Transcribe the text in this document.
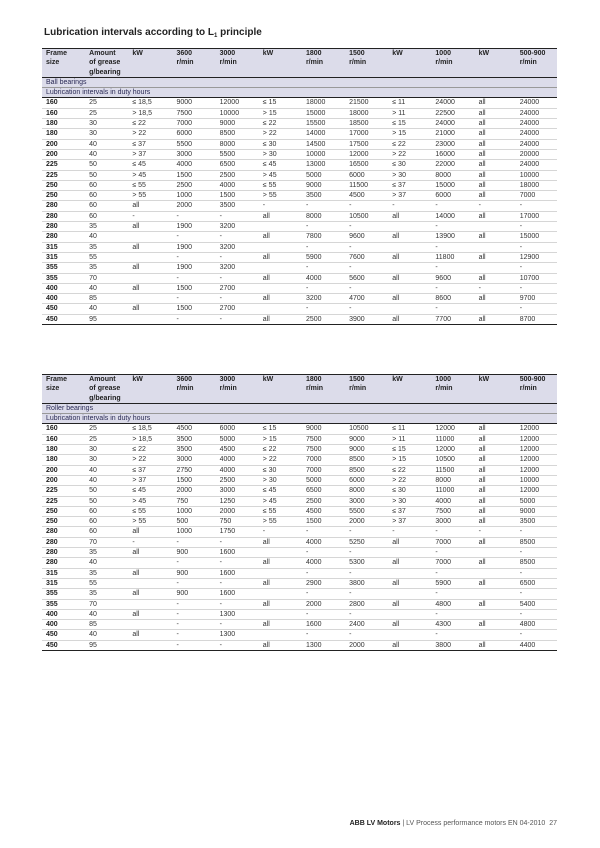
Lubrication intervals according to $L_1$ principle
Frame	Amount	kW	3600	3000	kW	1800	1500	kW	1000	kW	500-900
size	of grease		r/min	r/min		r/min	r/min		r/min		r/min
	g/bearing										
Ball bearings											
Lubrication intervals in duty hours											
160	25	≤ 18,5	9000	12000	≤ 15	18000	21500	≤ 11	24000	all	24000
160	25	> 18,5	7500	10000	> 15	15000	18000	> 11	22500	all	24000
180	30	≤ 22	7000	9000	≤ 22	15500	18500	≤ 15	24000	all	24000
180	30	> 22	6000	8500	> 22	14000	17000	> 15	21000	all	24000
200	40	≤ 37	5500	8000	≤ 30	14500	17500	≤ 22	23000	all	24000
200	40	> 37	3000	5500	> 30	10000	12000	> 22	16000	all	20000
225	50	≤ 45	4000	6500	≤ 45	13000	16500	≤ 30	22000	all	24000
225	50	> 45	1500	2500	> 45	5000	6000	> 30	8000	all	10000
250	60	≤ 55	2500	4000	≤ 55	9000	11500	≤ 37	15000	all	18000
250	60	> 55	1000	1500	> 55	3500	4500	> 37	6000	all	7000
280	60	all	2000	3500	-	-	-	-	-	-	-
280	60	-	-	-	all	8000	10500	all	14000	all	17000
280	35	all	1900	3200		-	-		-		-
280	40		-	-	all	7800	9600	all	13900	all	15000
315	35	all	1900	3200		-	-		-		-
315	55		-	-	all	5900	7600	all	11800	all	12900
355	35	all	1900	3200		-	-		-		-
355	70		-	-	all	4000	5600	all	9600	all	10700
400	40	all	1500	2700		-	-		-	-	-
400	85		-	-	all	3200	4700	all	8600	all	9700
450	40	all	1500	2700		-	-		-		-
450	95		-	-	all	2500	3900	all	7700	all	8700
Frame	Amount	kW	3600	3000	kW	1800	1500	kW	1000	kW	500-900
size	of grease		r/min	r/min		r/min	r/min		r/min		r/min
	g/bearing										
Roller bearings											
Lubrication intervals in duty hours											
160	25	≤ 18,5	4500	6000	≤ 15	9000	10500	≤ 11	12000	all	12000
160	25	> 18,5	3500	5000	> 15	7500	9000	> 11	11000	all	12000
180	30	≤ 22	3500	4500	≤ 22	7500	9000	≤ 15	12000	all	12000
180	30	> 22	3000	4000	> 22	7000	8500	> 15	10500	all	12000
200	40	≤ 37	2750	4000	≤ 30	7000	8500	≤ 22	11500	all	12000
200	40	> 37	1500	2500	> 30	5000	6000	> 22	8000	all	10000
225	50	≤ 45	2000	3000	≤ 45	6500	8000	≤ 30	11000	all	12000
225	50	> 45	750	1250	> 45	2500	3000	> 30	4000	all	5000
250	60	≤ 55	1000	2000	≤ 55	4500	5500	≤ 37	7500	all	9000
250	60	> 55	500	750	> 55	1500	2000	> 37	3000	all	3500
280	60	all	1000	1750	-	-	-	-	-	-	-
280	70	-	-	-	all	4000	5250	all	7000	all	8500
280	35	all	900	1600		-	-		-		-
280	40		-	-	all	4000	5300	all	7000	all	8500
315	35	all	900	1600		-	-		-		-
315	55		-	-	all	2900	3800	all	5900	all	6500
355	35	all	900	1600		-	-		-		-
355	70		-	-	all	2000	2800	all	4800	all	5400
400	40	all	-	1300		-	-		-		-
400	85		-	-	all	1600	2400	all	4300	all	4800
450	40	all	-	1300		-	-		-		-
450	95		-	-	all	1300	2000	all	3800	all	4400
ABB LV Motors | LV Process performance motors EN 04-2010 27
